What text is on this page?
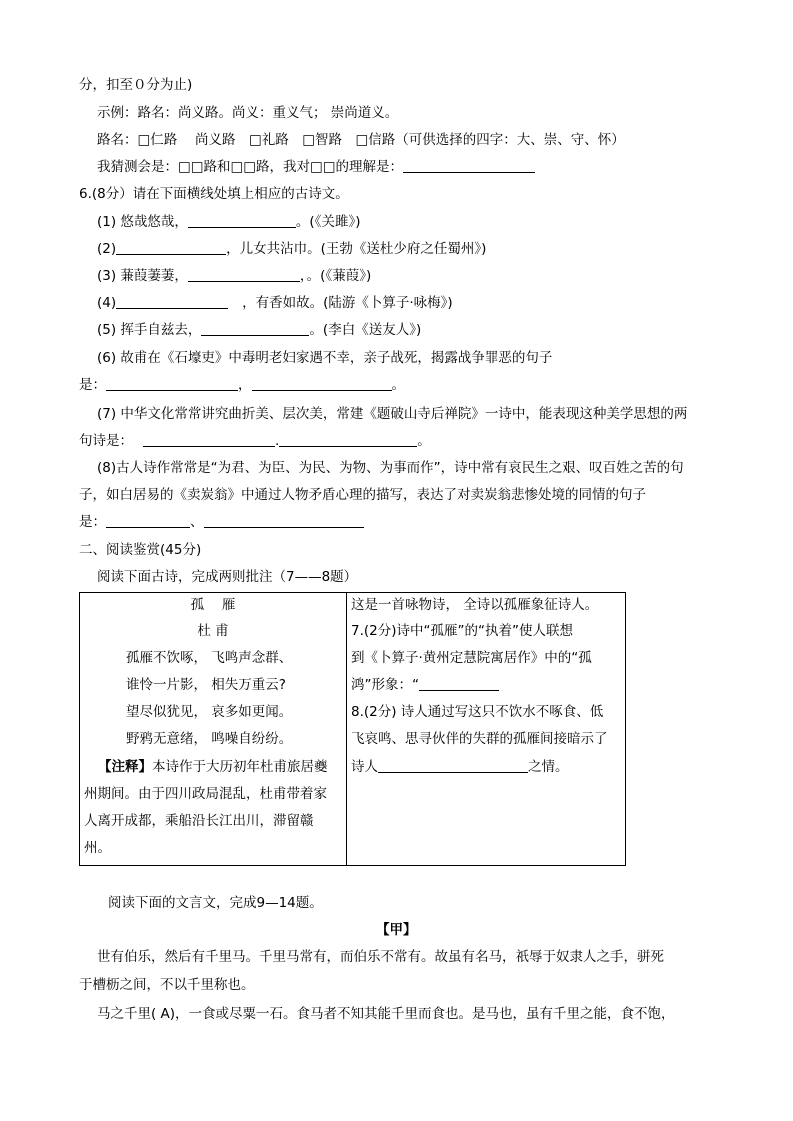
分，扣至０分为止)
示例：路名：尚义路。尚义：重义气； 崇尚道义。
路名：□仁路　 尚义路　□礼路　□智路　□信路（可供选择的四字：大、崇、守、怀）
我猜测会是：□□路和□□路，我对□□的理解是：
6.(8分）请在下面横线处填上相应的古诗文。
(1) 悠哉悠哉，	。(《关雎》)
(2)	，儿女共沾巾。(王勃《送杜少府之任蜀州》)
(3) 蒹葭萋萋，	，。(《蒹葭》)
(4)	，有香如故。(陆游《卜算子·咏梅》)
(5) 挥手自兹去，	。(李白《送友人》)
(6) 故甫在《石壕吏》中毒明老妇家遇不幸，亲子战死，揭露战争罪恶的句子
是：	，	。
(7) 中华文化常常讲究曲折美、层次美，常建《题破山寺后禅院》一诗中，能表现这种美学思想的两
句诗是：	.	。
(8)古人诗作常常是“为君、为臣、为民、为物、为事而作”，诗中常有哀民生之艰、叹百姓之苦的句
子，如白居易的《卖炭翁》中通过人物矛盾心理的描写，表达了对卖炭翁悲惨处境的同情的句子
是：	、
二、阅读鉴赏(45分)
阅读下面古诗，完成两则批注（7——8题）
孤　 雁
杜 甫
孤雁不饮啄， 飞鸣声念群、
谁怜一片影， 相失万重云?
望尽似犹见， 哀多如更闻。
野鸦无意绪， 鸣噪自纷纷。
【注释】本诗作于大历初年杜甫旅居夔
州期间。由于四川政局混乱，杜甫带着家
人离开成都，乘船沿长江出川，滞留赣
州。

这是一首咏物诗， 全诗以孤雁象征诗人。
7.(2分)诗中“孤雁”的“执着”使人联想
到《卜算子·黄州定慧院寓居作》中的“孤
鸿”形象：“
8.(2分) 诗人通过写这只不饮水不啄食、低
飞哀鸣、思寻伙伴的失群的孤雁间接暗示了
诗人	之情。
阅读下面的文言文，完成9—14题。
【甲】
世有伯乐，然后有千里马。千里马常有，而伯乐不常有。故虽有名马，祇辱于奴隶人之手，骈死
于槽枥之间，不以千里称也。
马之千里( A)，一食或尽粟一石。食马者不知其能千里而食也。是马也，虽有千里之能，食不饱，
